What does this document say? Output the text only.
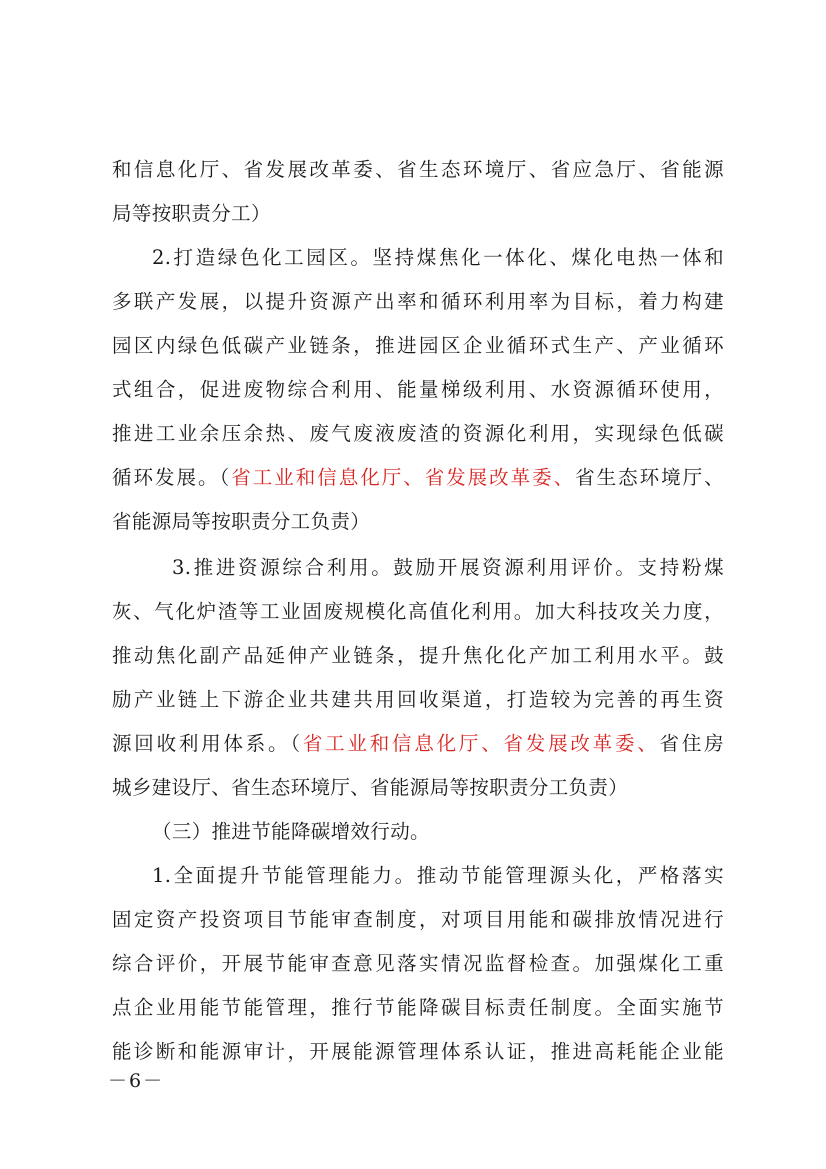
和信息化厅、省发展改革委、省生态环境厅、省应急厅、省能源
局等按职责分工）
2.打造绿色化工园区。坚持煤焦化一体化、煤化电热一体和
多联产发展，以提升资源产出率和循环利用率为目标，着力构建
园区内绿色低碳产业链条，推进园区企业循环式生产、产业循环
式组合，促进废物综合利用、能量梯级利用、水资源循环使用，
推进工业余压余热、废气废液废渣的资源化利用，实现绿色低碳
循环发展。（省工业和信息化厅、省发展改革委、省生态环境厅、
省能源局等按职责分工负责）
3.推进资源综合利用。鼓励开展资源利用评价。支持粉煤
灰、气化炉渣等工业固废规模化高值化利用。加大科技攻关力度，
推动焦化副产品延伸产业链条，提升焦化化产加工利用水平。鼓
励产业链上下游企业共建共用回收渠道，打造较为完善的再生资
源回收利用体系。（省工业和信息化厅、省发展改革委、省住房
城乡建设厅、省生态环境厅、省能源局等按职责分工负责）
（三）推进节能降碳增效行动。
1.全面提升节能管理能力。推动节能管理源头化，严格落实
固定资产投资项目节能审查制度，对项目用能和碳排放情况进行
综合评价，开展节能审查意见落实情况监督检查。加强煤化工重
点企业用能节能管理，推行节能降碳目标责任制度。全面实施节
能诊断和能源审计，开展能源管理体系认证，推进高耗能企业能
－6－
